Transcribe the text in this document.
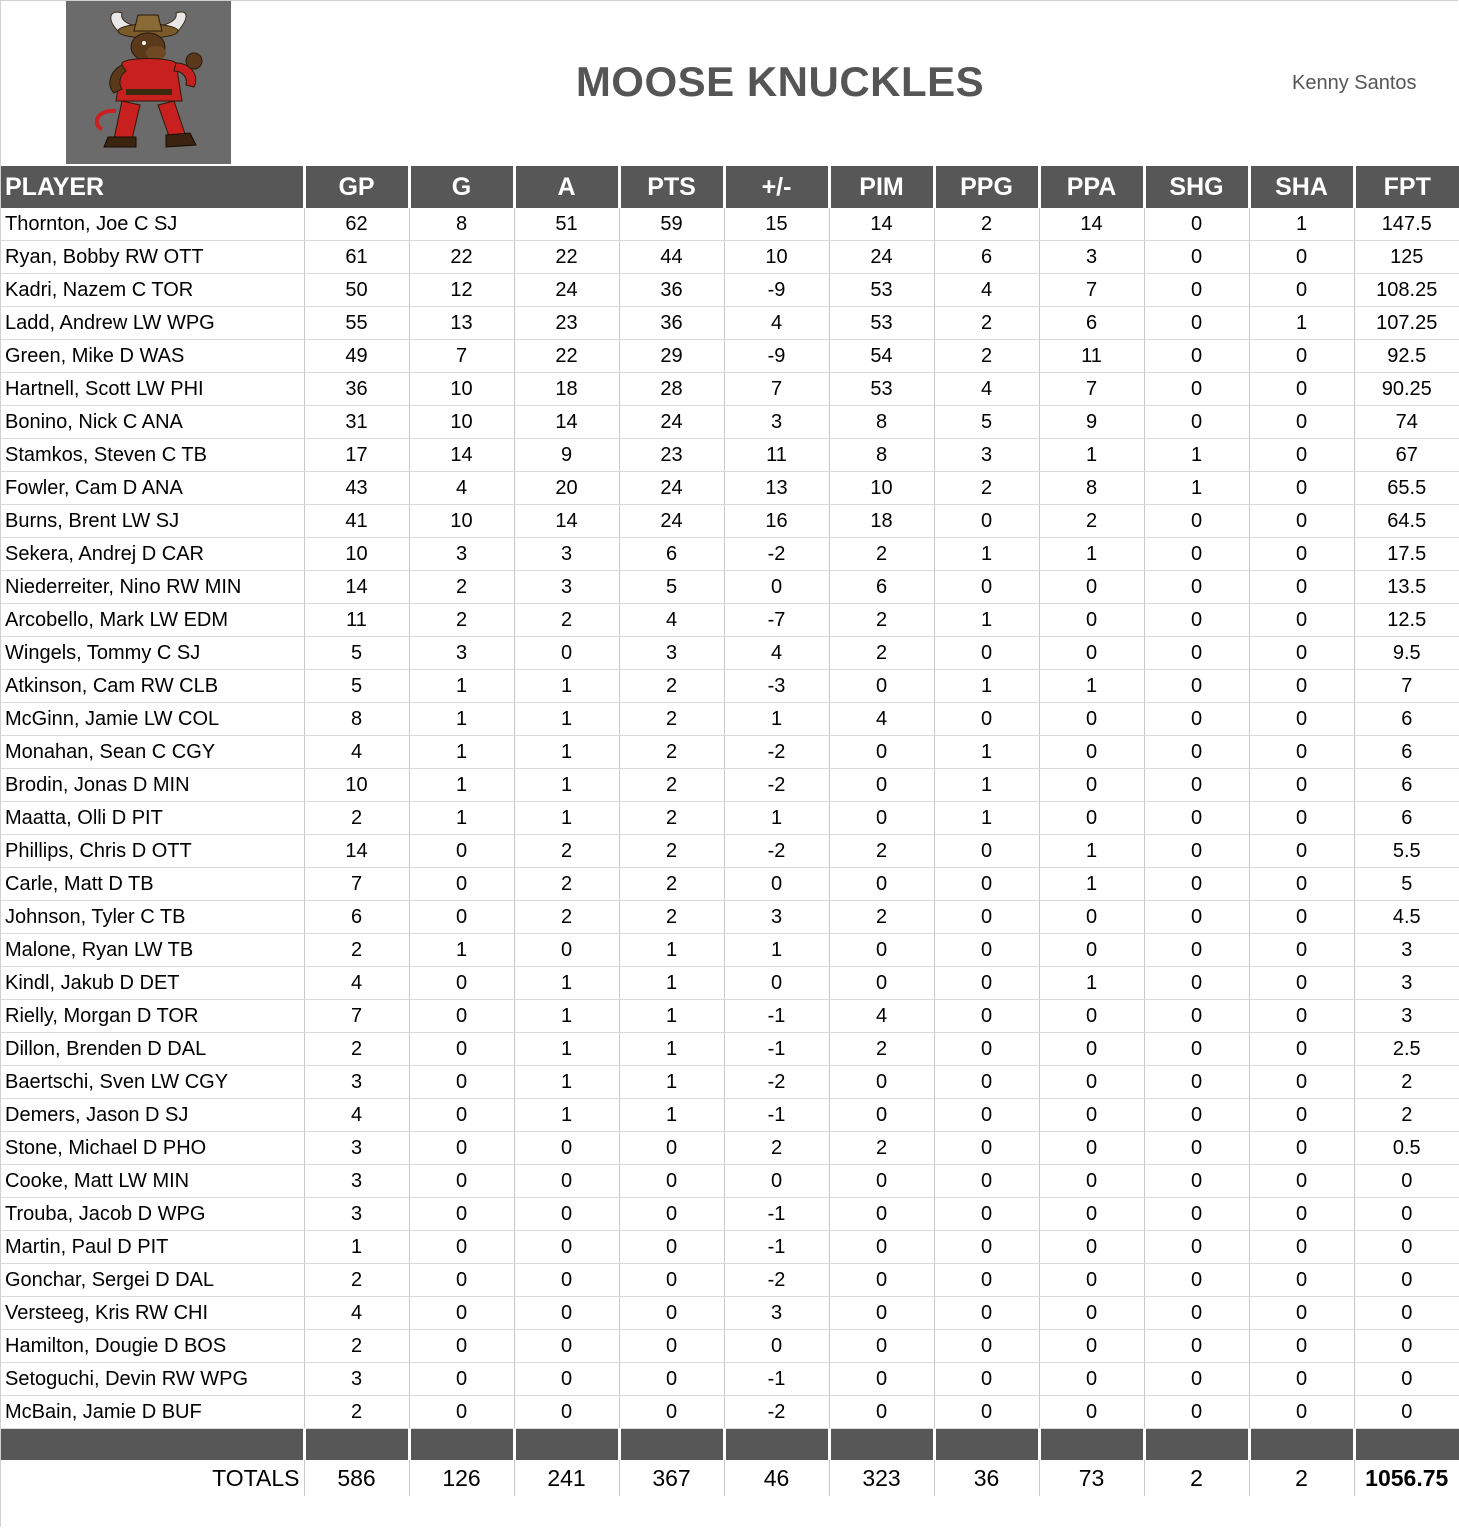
MOOSE KNUCKLES	Kenny Santos
PLAYER	GP	G	A	PTS	+/-	PIM	PPG	PPA	SHG	SHA	FPT
Thornton, Joe C SJ	62	8	51	59	15	14	2	14	0	1	147.5
Ryan, Bobby RW OTT	61	22	22	44	10	24	6	3	0	0	125
Kadri, Nazem C TOR	50	12	24	36	-9	53	4	7	0	0	108.25
Ladd, Andrew LW WPG	55	13	23	36	4	53	2	6	0	1	107.25
Green, Mike D WAS	49	7	22	29	-9	54	2	11	0	0	92.5
Hartnell, Scott LW PHI	36	10	18	28	7	53	4	7	0	0	90.25
Bonino, Nick C ANA	31	10	14	24	3	8	5	9	0	0	74
Stamkos, Steven C TB	17	14	9	23	11	8	3	1	1	0	67
Fowler, Cam D ANA	43	4	20	24	13	10	2	8	1	0	65.5
Burns, Brent LW SJ	41	10	14	24	16	18	0	2	0	0	64.5
Sekera, Andrej D CAR	10	3	3	6	-2	2	1	1	0	0	17.5
Niederreiter, Nino RW MIN	14	2	3	5	0	6	0	0	0	0	13.5
Arcobello, Mark LW EDM	11	2	2	4	-7	2	1	0	0	0	12.5
Wingels, Tommy C SJ	5	3	0	3	4	2	0	0	0	0	9.5
Atkinson, Cam RW CLB	5	1	1	2	-3	0	1	1	0	0	7
McGinn, Jamie LW COL	8	1	1	2	1	4	0	0	0	0	6
Monahan, Sean C CGY	4	1	1	2	-2	0	1	0	0	0	6
Brodin, Jonas D MIN	10	1	1	2	-2	0	1	0	0	0	6
Maatta, Olli D PIT	2	1	1	2	1	0	1	0	0	0	6
Phillips, Chris D OTT	14	0	2	2	-2	2	0	1	0	0	5.5
Carle, Matt D TB	7	0	2	2	0	0	0	1	0	0	5
Johnson, Tyler C TB	6	0	2	2	3	2	0	0	0	0	4.5
Malone, Ryan LW TB	2	1	0	1	1	0	0	0	0	0	3
Kindl, Jakub D DET	4	0	1	1	0	0	0	1	0	0	3
Rielly, Morgan D TOR	7	0	1	1	-1	4	0	0	0	0	3
Dillon, Brenden D DAL	2	0	1	1	-1	2	0	0	0	0	2.5
Baertschi, Sven LW CGY	3	0	1	1	-2	0	0	0	0	0	2
Demers, Jason D SJ	4	0	1	1	-1	0	0	0	0	0	2
Stone, Michael D PHO	3	0	0	0	2	2	0	0	0	0	0.5
Cooke, Matt LW MIN	3	0	0	0	0	0	0	0	0	0	0
Trouba, Jacob D WPG	3	0	0	0	-1	0	0	0	0	0	0
Martin, Paul D PIT	1	0	0	0	-1	0	0	0	0	0	0
Gonchar, Sergei D DAL	2	0	0	0	-2	0	0	0	0	0	0
Versteeg, Kris RW CHI	4	0	0	0	3	0	0	0	0	0	0
Hamilton, Dougie D BOS	2	0	0	0	0	0	0	0	0	0	0
Setoguchi, Devin RW WPG	3	0	0	0	-1	0	0	0	0	0	0
McBain, Jamie D BUF	2	0	0	0	-2	0	0	0	0	0	0

TOTALS	586	126	241	367	46	323	36	73	2	2	1056.75
